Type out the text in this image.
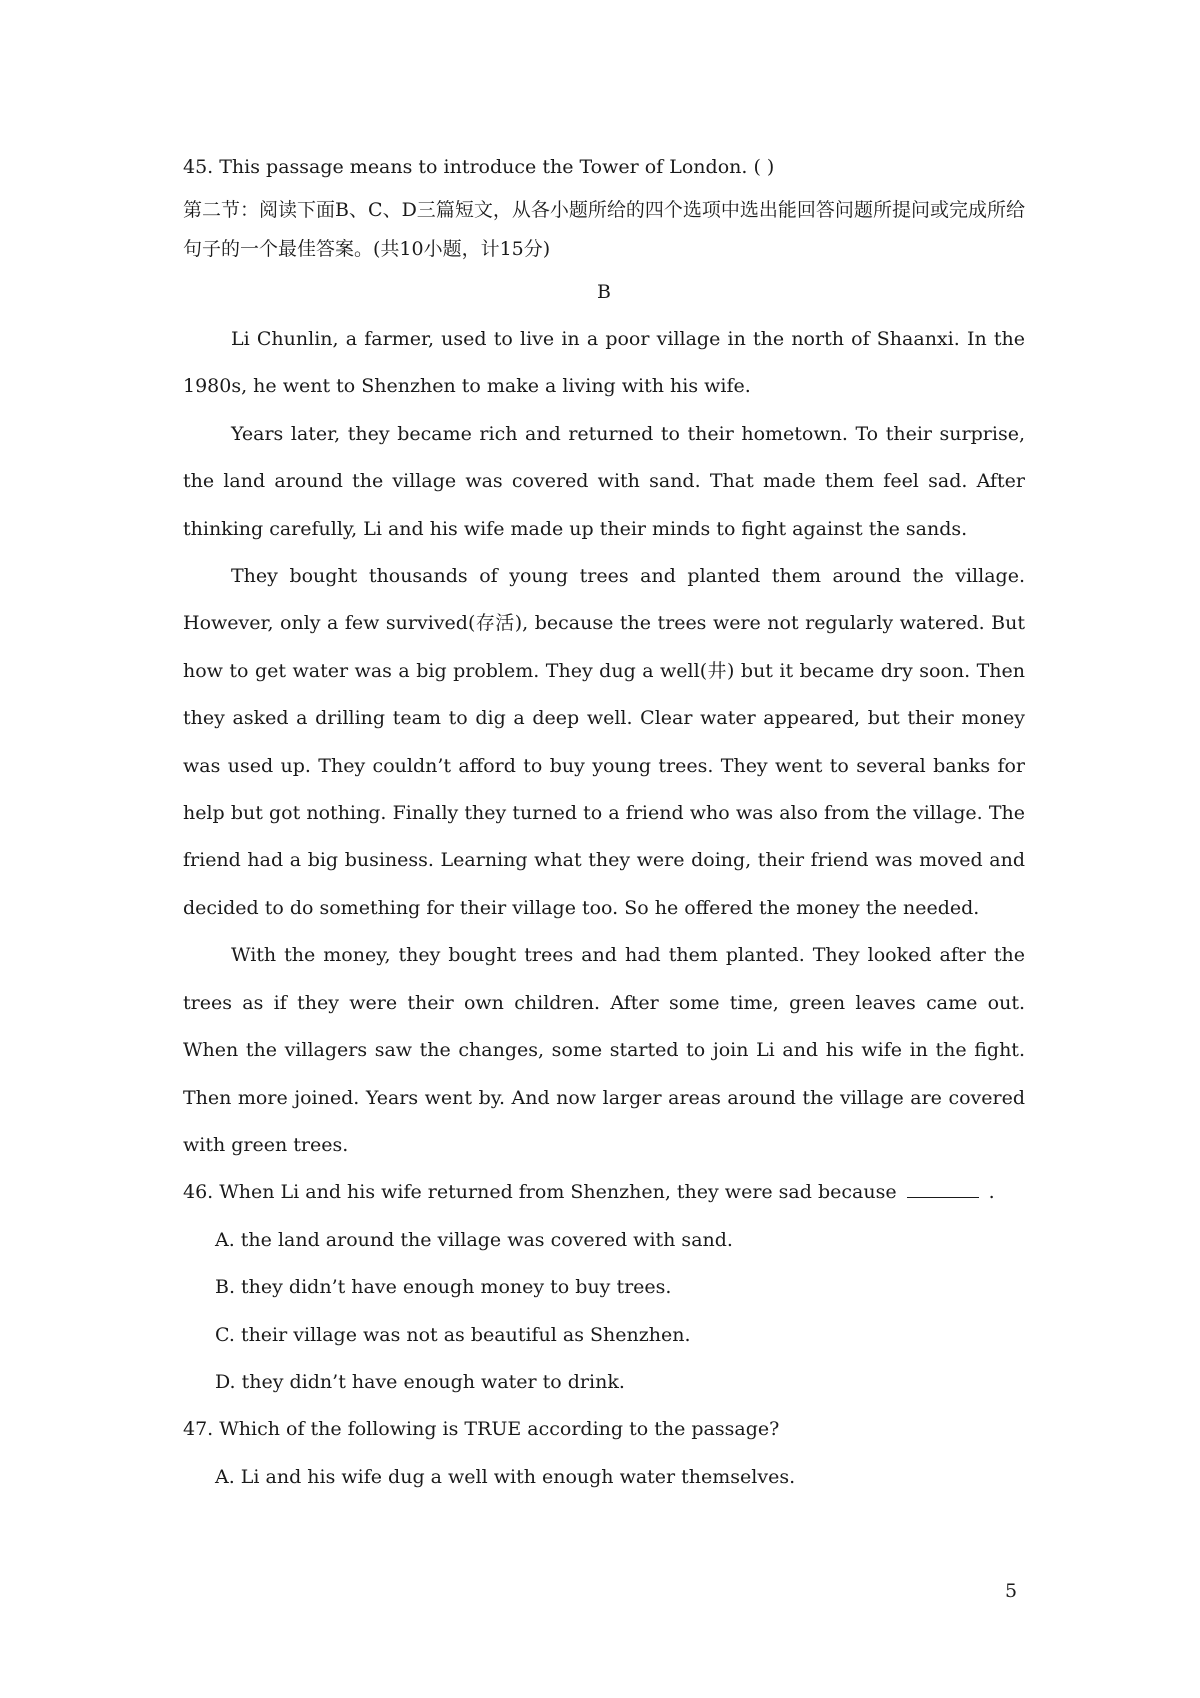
45. This passage means to introduce the Tower of London. ( )
第二节：阅读下面B、C、D三篇短文，从各小题所给的四个选项中选出能回答问题所提问或完成所给句子的一个最佳答案。(共10小题，计15分)
B
Li Chunlin, a farmer, used to live in a poor village in the north of Shaanxi. In the 1980s, he went to Shenzhen to make a living with his wife.
Years later, they became rich and returned to their hometown. To their surprise, the land around the village was covered with sand. That made them feel sad. After thinking carefully, Li and his wife made up their minds to fight against the sands.
They bought thousands of young trees and planted them around the village. However, only a few survived(存活), because the trees were not regularly watered. But how to get water was a big problem. They dug a well(井) but it became dry soon. Then they asked a drilling team to dig a deep well. Clear water appeared, but their money was used up. They couldn’t afford to buy young trees. They went to several banks for help but got nothing. Finally they turned to a friend who was also from the village. The friend had a big business. Learning what they were doing, their friend was moved and decided to do something for their village too. So he offered the money the needed.
With the money, they bought trees and had them planted. They looked after the trees as if they were their own children. After some time, green leaves came out. When the villagers saw the changes, some started to join Li and his wife in the fight. Then more joined. Years went by. And now larger areas around the village are covered with green trees.
46. When Li and his wife returned from Shenzhen, they were sad because	.
A. the land around the village was covered with sand.
B. they didn’t have enough money to buy trees.
C. their village was not as beautiful as Shenzhen.
D. they didn’t have enough water to drink.
47. Which of the following is TRUE according to the passage?
A. Li and his wife dug a well with enough water themselves.
5
